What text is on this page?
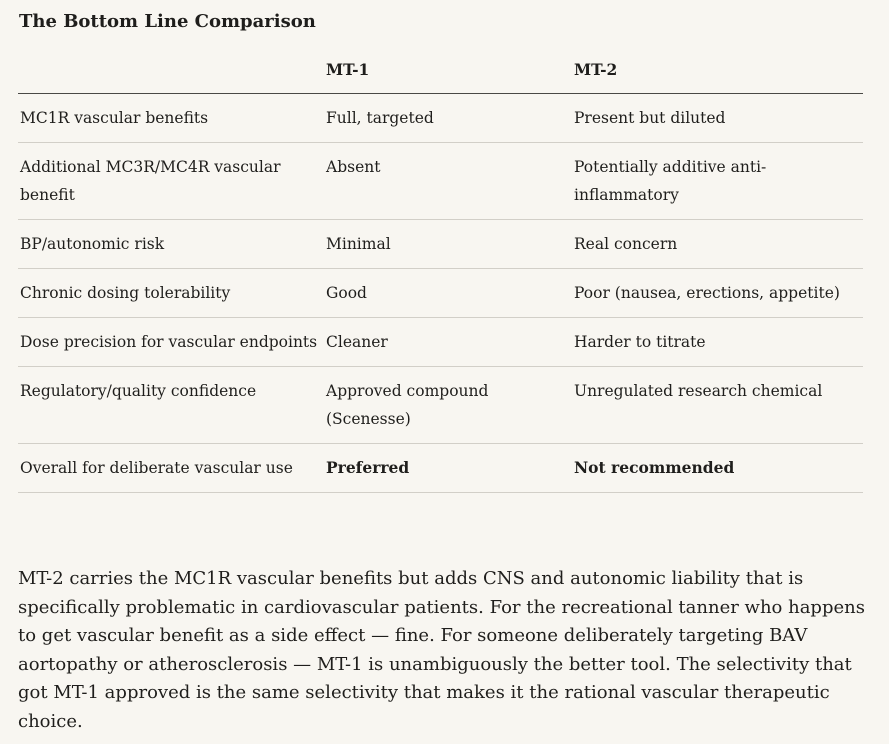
The Bottom Line Comparison
	MT-1	MT-2
MC1R vascular benefits	Full, targeted	Present but diluted
Additional MC3R/MC4R vascular benefit	Absent	Potentially additive anti-inflammatory
BP/autonomic risk	Minimal	Real concern
Chronic dosing tolerability	Good	Poor (nausea, erections, appetite)
Dose precision for vascular endpoints	Cleaner	Harder to titrate
Regulatory/quality confidence	Approved compound (Scenesse)	Unregulated research chemical
Overall for deliberate vascular use	Preferred	Not recommended

MT-2 carries the MC1R vascular benefits but adds CNS and autonomic liability that is specifically problematic in cardiovascular patients. For the recreational tanner who happens to get vascular benefit as a side effect — fine. For someone deliberately targeting BAV aortopathy or atherosclerosis — MT-1 is unambiguously the better tool. The selectivity that got MT-1 approved is the same selectivity that makes it the rational vascular therapeutic choice.
